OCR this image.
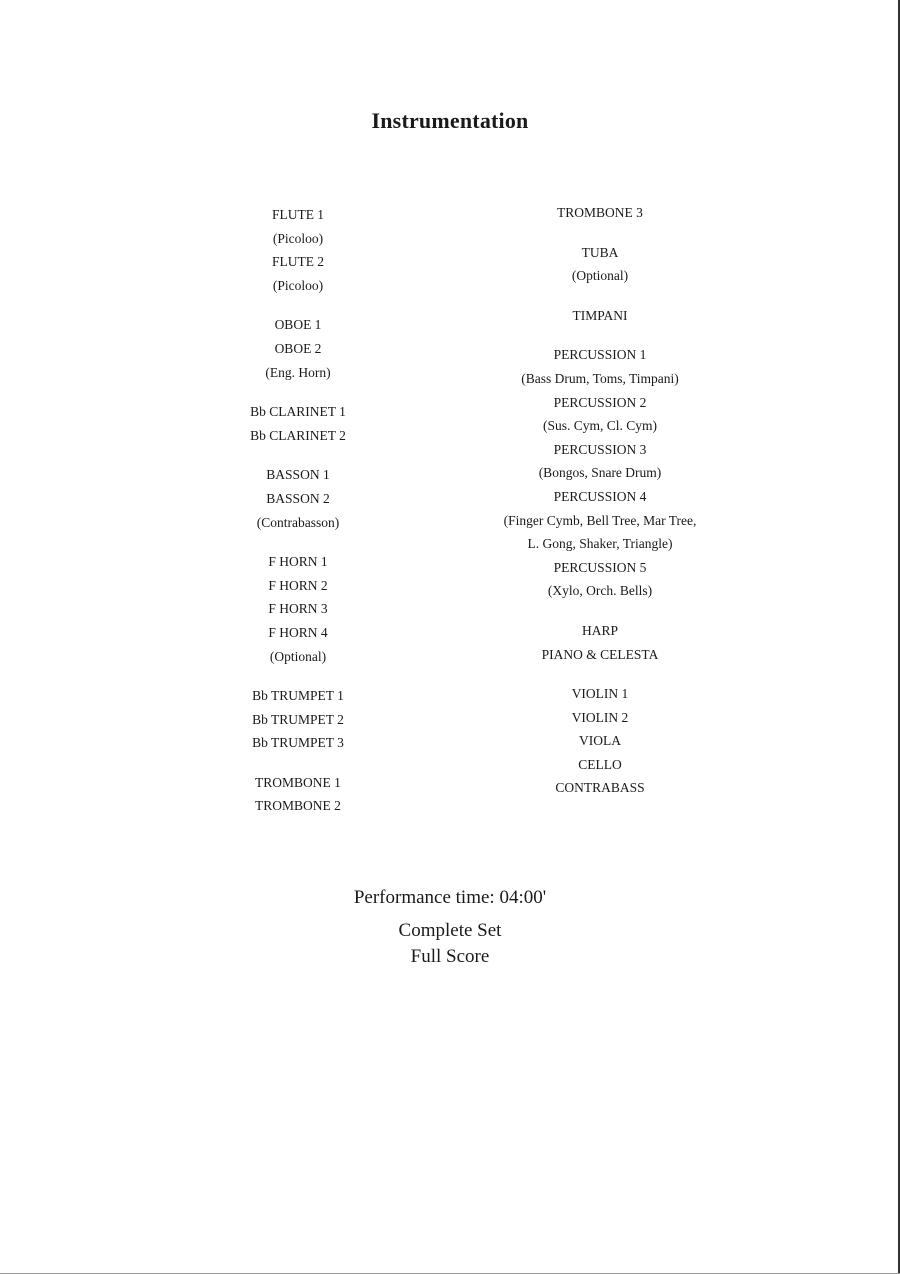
Instrumentation
FLUTE 1
(Picoloo)
FLUTE 2
(Picoloo)
OBOE 1
OBOE 2
(Eng. Horn)
Bb CLARINET 1
Bb CLARINET 2
BASSON 1
BASSON 2
(Contrabasson)
F HORN 1
F HORN 2
F HORN 3
F HORN 4
(Optional)
Bb TRUMPET 1
Bb TRUMPET 2
Bb TRUMPET 3
TROMBONE 1
TROMBONE 2
TROMBONE 3
TUBA
(Optional)
TIMPANI
PERCUSSION 1
(Bass Drum, Toms, Timpani)
PERCUSSION 2
(Sus. Cym, Cl. Cym)
PERCUSSION 3
(Bongos, Snare Drum)
PERCUSSION 4
(Finger Cymb, Bell Tree, Mar Tree,
L. Gong, Shaker, Triangle)
PERCUSSION 5
(Xylo, Orch. Bells)
HARP
PIANO & CELESTA
VIOLIN 1
VIOLIN 2
VIOLA
CELLO
CONTRABASS
Performance time: 04:00'
Complete Set
Full Score
